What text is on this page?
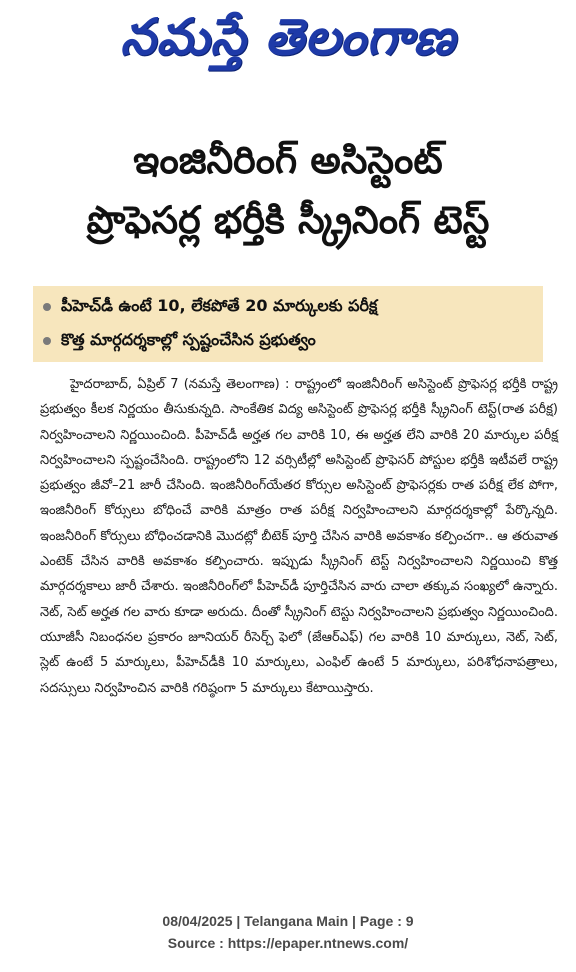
నమస్తే తెలంగాణ
ఇంజినీరింగ్ అసిస్టెంట్
ప్రొఫెసర్ల భర్తీకి స్క్రీనింగ్ టెస్ట్
పీహెచ్‌డీ ఉంటే 10, లేకపోతే 20 మార్కులకు పరీక్ష
కొత్త మార్గదర్శకాల్లో స్పష్టంచేసిన ప్రభుత్వం
హైదరాబాద్, ఏప్రిల్ 7 (నమస్తే తెలంగాణ) : రాష్ట్రంలో ఇంజినీరింగ్ అసిస్టెంట్ ప్రొఫెసర్ల భర్తీకి రాష్ట్ర ప్రభుత్వం కీలక నిర్ణయం తీసుకున్నది. సాంకేతిక విద్య అసిస్టెంట్ ప్రొఫెసర్ల భర్తీకి స్క్రీనింగ్ టెస్ట్(రాత పరీక్ష) నిర్వహించాలని నిర్ణయించింది. పీహెచ్‌డీ అర్హత గల వారికి 10, ఈ అర్హత లేని వారికి 20 మార్కుల పరీక్ష నిర్వహించాలని స్పష్టంచేసింది. రాష్ట్రంలోని 12 వర్సిటీల్లో అసిస్టెంట్ ప్రొఫెసర్ పోస్టుల భర్తీకి ఇటీవలే రాష్ట్ర ప్రభుత్వం జీవో–21 జారీ చేసింది. ఇంజినీరింగ్‌యేతర కోర్సుల అసిస్టెంట్ ప్రొఫెసర్లకు రాత పరీక్ష లేక పోగా, ఇంజినీరింగ్ కోర్సులు బోధించే వారికి మాత్రం రాత పరీక్ష నిర్వహించాలని మార్గదర్శకాల్లో పేర్కొన్నది. ఇంజనీరింగ్ కోర్సులు బోధించడానికి మొదట్లో బీటెక్ పూర్తి చేసిన వారికి అవకాశం కల్పించగా.. ఆ తరువాత ఎంటెక్ చేసిన వారికి అవకాశం కల్పించారు. ఇప్పుడు స్క్రీనింగ్ టెస్ట్ నిర్వహించాలని నిర్ణయించి కొత్త మార్గదర్శకాలు జారీ చేశారు. ఇంజినీరింగ్‌లో పీహెచ్‌డీ పూర్తిచేసిన వారు చాలా తక్కువ సంఖ్యలో ఉన్నారు. నెట్, సెట్ అర్హత గల వారు కూడా అరుదు. దీంతో స్క్రీనింగ్ టెస్టు నిర్వహించాలని ప్రభుత్వం నిర్ణయించింది. యూజీసీ నిబంధనల ప్రకారం జూనియర్ రీసెర్చ్ ఫెలో (జేఆర్ఎఫ్) గల వారికి 10 మార్కులు, నెట్, సెట్, స్లెట్ ఉంటే 5 మార్కులు, పీహెచ్‌డీకి 10 మార్కులు, ఎంఫిల్ ఉంటే 5 మార్కులు, పరిశోధనాపత్రాలు, సదస్సులు నిర్వహించిన వారికి గరిష్ఠంగా 5 మార్కులు కేటాయిస్తారు.
08/04/2025 | Telangana Main | Page : 9
Source : https://epaper.ntnews.com/
